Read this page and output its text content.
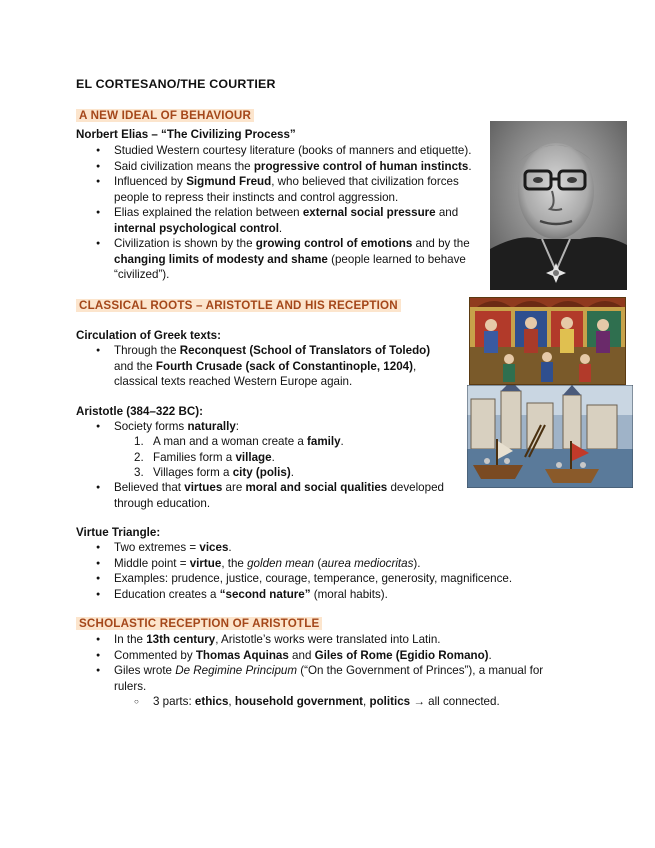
EL CORTESANO/THE COURTIER
A NEW IDEAL OF BEHAVIOUR
Norbert Elias – “The Civilizing Process”
● Studied Western courtesy literature (books of manners and etiquette).
● Said civilization means the progressive control of human instincts.
● Influenced by Sigmund Freud, who believed that civilization forces people to repress their instincts and control aggression.
● Elias explained the relation between external social pressure and internal psychological control.
● Civilization is shown by the growing control of emotions and by the changing limits of modesty and shame (people learned to behave “civilized”).
CLASSICAL ROOTS – ARISTOTLE AND HIS RECEPTION
Circulation of Greek texts:
● Through the Reconquest (School of Translators of Toledo) and the Fourth Crusade (sack of Constantinople, 1204), classical texts reached Western Europe again.
Aristotle (384–322 BC):
● Society forms naturally:
1. A man and a woman create a family.
2. Families form a village.
3. Villages form a city (polis).
● Believed that virtues are moral and social qualities developed through education.
Virtue Triangle:
● Two extremes = vices.
● Middle point = virtue, the golden mean (aurea mediocritas).
● Examples: prudence, justice, courage, temperance, generosity, magnificence.
● Education creates a “second nature” (moral habits).
SCHOLASTIC RECEPTION OF ARISTOTLE
● In the 13th century, Aristotle’s works were translated into Latin.
● Commented by Thomas Aquinas and Giles of Rome (Egidio Romano).
● Giles wrote De Regimine Principum (“On the Government of Princes”), a manual for rulers.
○ 3 parts: ethics, household government, politics → all connected.
